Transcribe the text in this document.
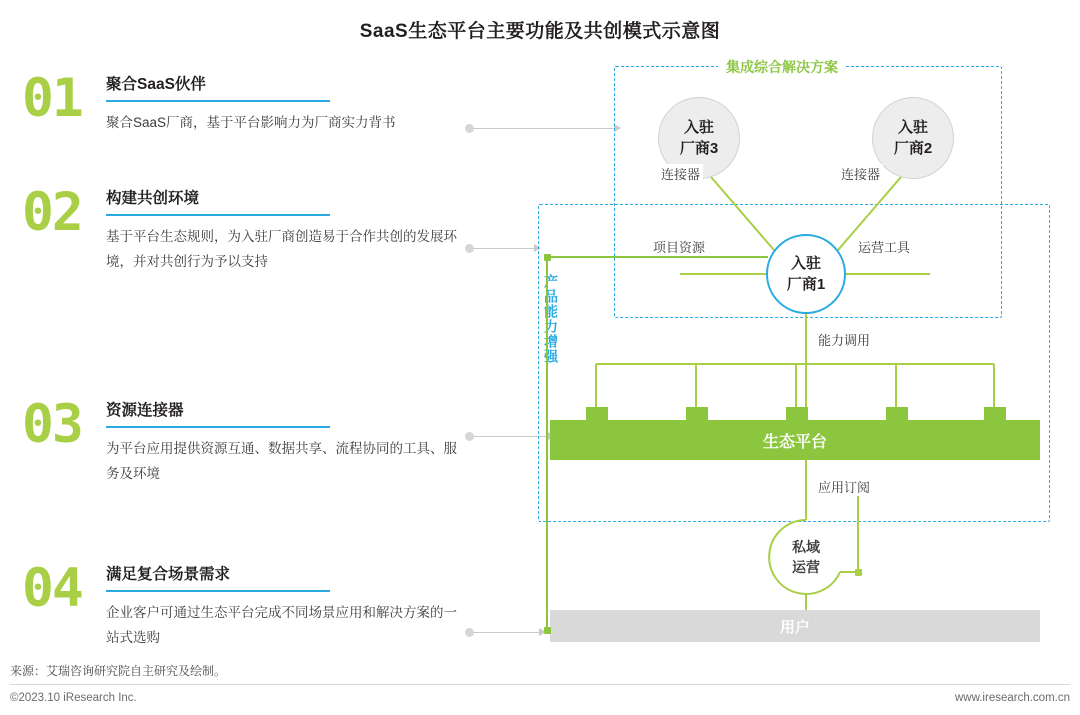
SaaS生态平台主要功能及共创模式示意图
01 聚合SaaS伙伴
聚合SaaS厂商，基于平台影响力为厂商实力背书
02 构建共创环境
基于平台生态规则，为入驻厂商创造易于合作共创的发展环境，并对共创行为予以支持
03 资源连接器
为平台应用提供资源互通、数据共享、流程协同的工具、服务及环境
04 满足复合场景需求
企业客户可通过生态平台完成不同场景应用和解决方案的一站式选购
集成综合解决方案
产品能力增强
生态平台
用户
入驻
厂商3
入驻
厂商2
入驻
厂商1
私域
运营
连接器	连接器
项目资源	运营工具
能力调用
应用订阅
来源：艾瑞咨询研究院自主研究及绘制。
©2023.10 iResearch Inc.	www.iresearch.com.cn
